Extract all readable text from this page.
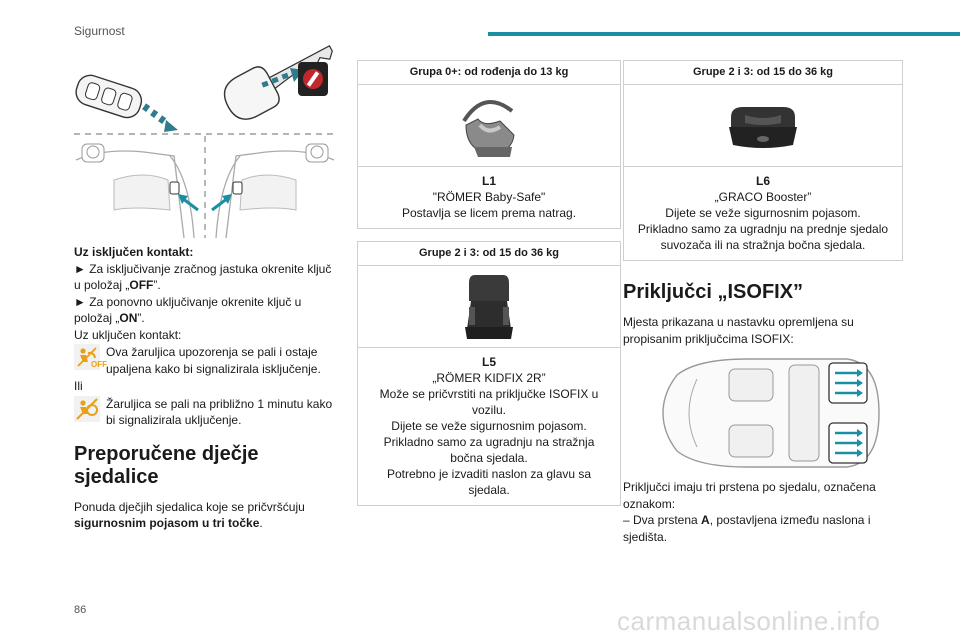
Sigurnost
Uz isključen kontakt:
► Za isključivanje zračnog jastuka okrenite ključ u položaj „OFF”.
► Za ponovno uključivanje okrenite ključ u položaj „ON”.
Uz uključen kontakt:
OFF
Ova žaruljica upozorenja se pali i ostaje upaljena kako bi signalizirala isključenje.
Ili
Žaruljica se pali na približno 1 minutu kako bi signalizirala uključenje.
Preporučene dječje sjedalice
Ponuda dječjih sjedalica koje se pričvršćuju sigurnosnim pojasom u tri točke.
Grupa 0+: od rođenja do 13 kg
L1
"RÖMER Baby-Safe"
Postavlja se licem prema natrag.
Grupe 2 i 3: od 15 do 36 kg
L5
„RÖMER KIDFIX 2R”
Može se pričvrstiti na priključke ISOFIX u vozilu.
Dijete se veže sigurnosnim pojasom.
Prikladno samo za ugradnju na stražnja bočna sjedala.
Potrebno je izvaditi naslon za glavu sa sjedala.
Grupe 2 i 3: od 15 do 36 kg
L6
„GRACO Booster”
Dijete se veže sigurnosnim pojasom.
Prikladno samo za ugradnju na prednje sjedalo suvozača ili na stražnja bočna sjedala.
Priključci „ISOFIX”
Mjesta prikazana u nastavku opremljena su propisanim priključcima ISOFIX:
Priključci imaju tri prstena po sjedalu, označena oznakom:
– Dva prstena A, postavljena između naslona i sjedišta.
86	carmanualsonline.info
